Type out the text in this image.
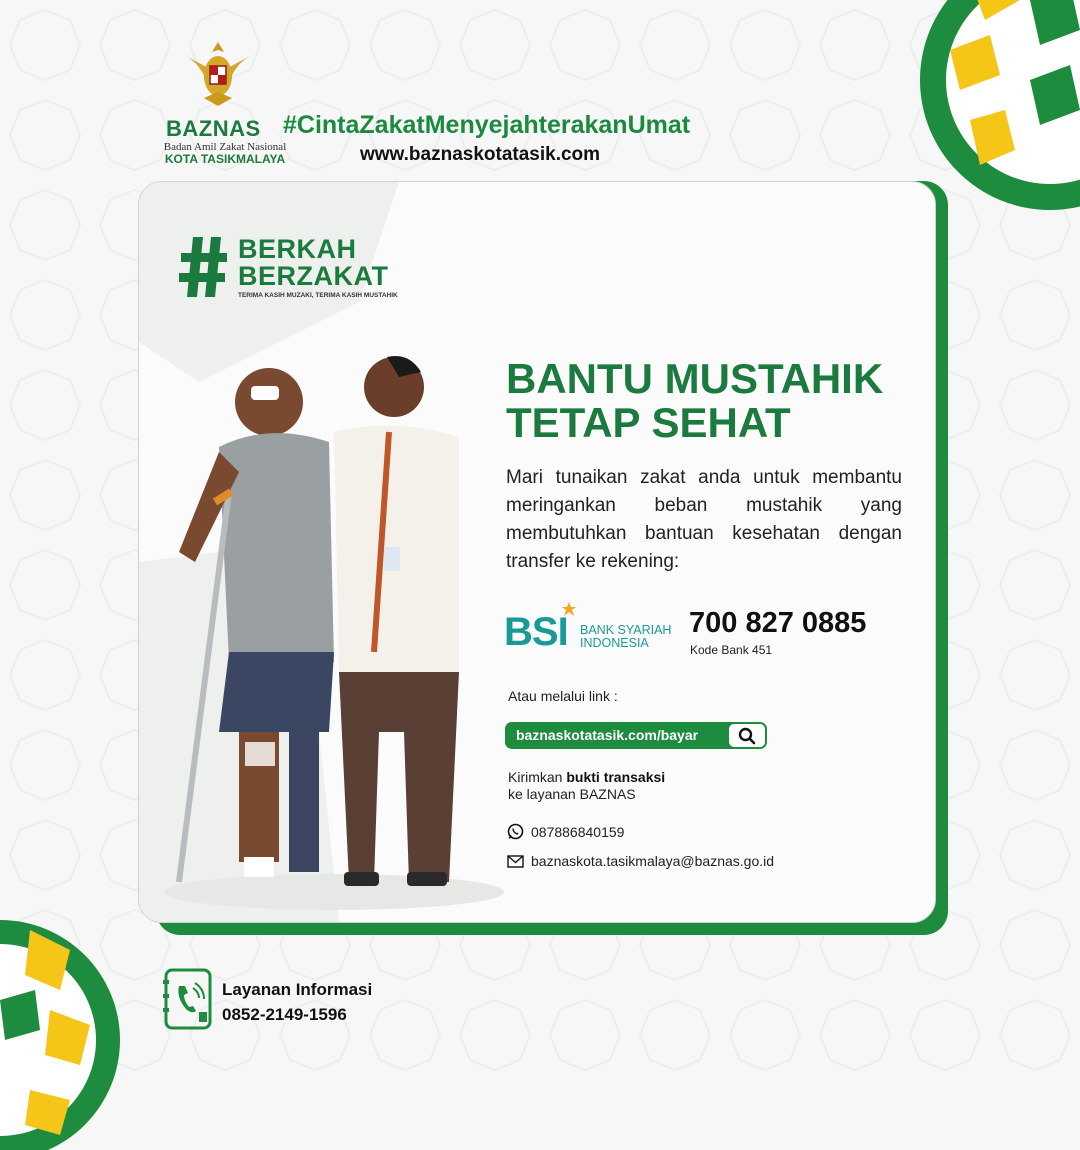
BAZNAS
Badan Amil Zakat Nasional
KOTA TASIKMALAYA
#CintaZakatMenyejahterakanUmat
www.baznaskotatasik.com
BERKAH
BERZAKAT
TERIMA KASIH MUZAKI, TERIMA KASIH MUSTAHIK
BANTU MUSTAHIK
TETAP SEHAT
Mari tunaikan zakat anda untuk membantu meringankan beban mustahik yang membutuhkan bantuan kesehatan dengan transfer ke rekening:
BSI BANK SYARIAH
INDONESIA
700 827 0885
Kode Bank 451
Atau melalui link :
baznaskotatasik.com/bayar
Kirimkan bukti transaksi
ke layanan BAZNAS
087886840159
baznaskota.tasikmalaya@baznas.go.id
Layanan Informasi
0852-2149-1596
